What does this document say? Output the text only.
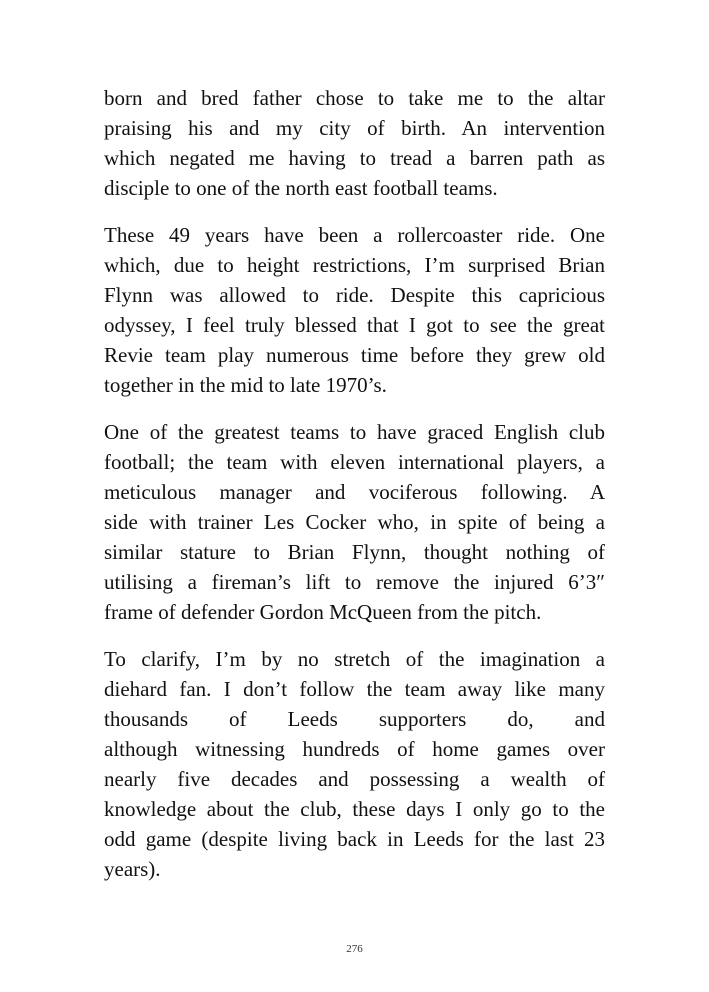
born and bred father chose to take me to the altar
praising his and my city of birth. An intervention
which negated me having to tread a barren path as
disciple to one of the north east football teams.

These 49 years have been a rollercoaster ride. One
which, due to height restrictions, I’m surprised Brian
Flynn was allowed to ride. Despite this capricious
odyssey, I feel truly blessed that I got to see the great
Revie team play numerous time before they grew old
together in the mid to late 1970’s.

One of the greatest teams to have graced English club
football; the team with eleven international players, a
meticulous manager and vociferous following. A
side with trainer Les Cocker who, in spite of being a
similar stature to Brian Flynn, thought nothing of
utilising a fireman’s lift to remove the injured 6’3″
frame of defender Gordon McQueen from the pitch.

To clarify, I’m by no stretch of the imagination a
diehard fan. I don’t follow the team away like many
thousands of Leeds supporters do, and
although witnessing hundreds of home games over
nearly five decades and possessing a wealth of
knowledge about the club, these days I only go to the
odd game (despite living back in Leeds for the last 23
years).

276
